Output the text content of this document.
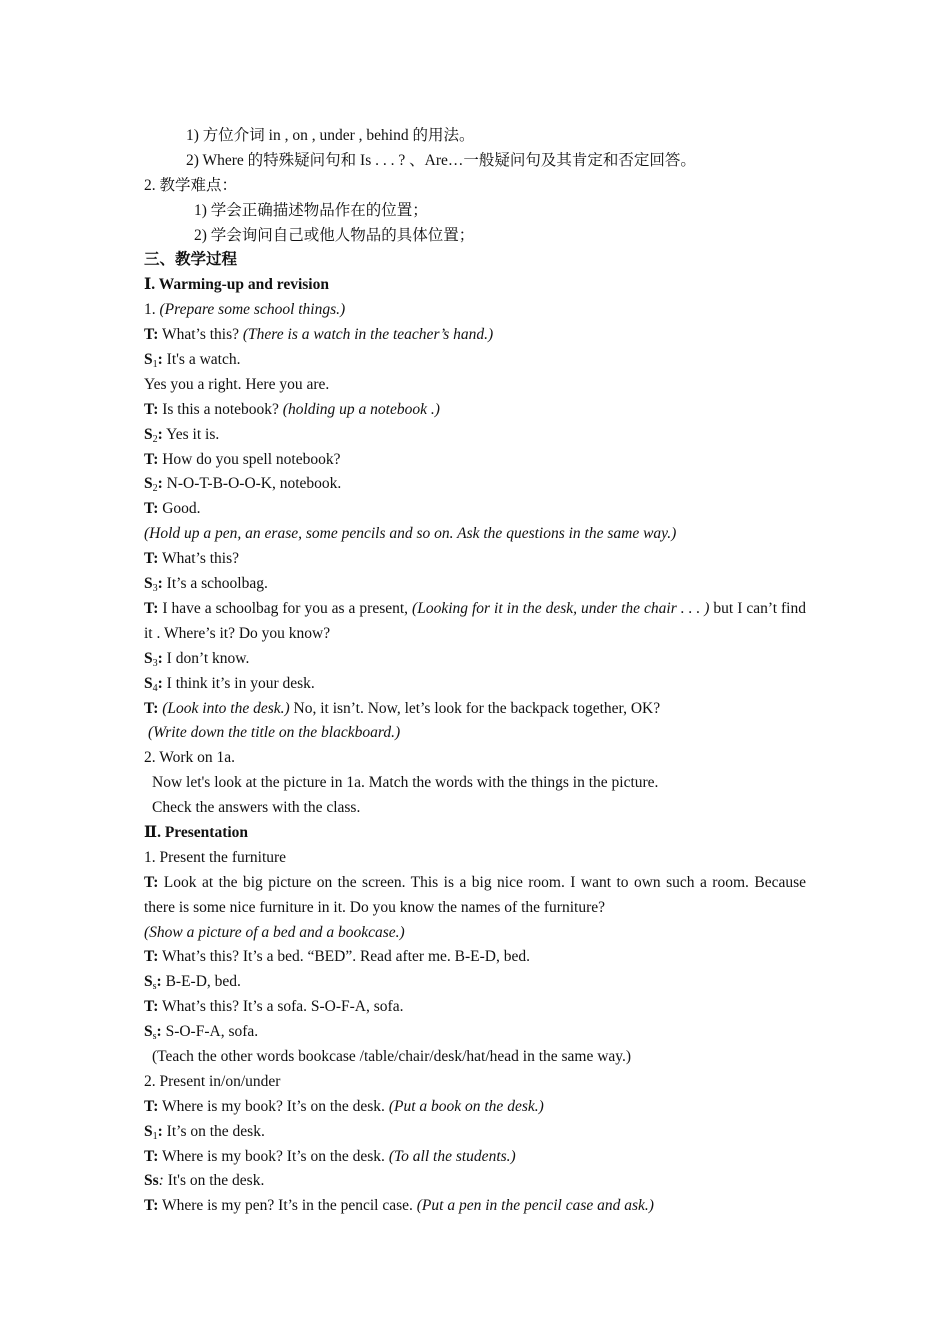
1) 方位介词 in , on , under , behind 的用法。
2) Where 的特殊疑问句和 Is . . . ? 、Are…一般疑问句及其肯定和否定回答。
2. 教学难点：
1) 学会正确描述物品作在的位置；
2) 学会询问自己或他人物品的具体位置；
三、教学过程
Ⅰ. Warming-up and revision
1. (Prepare some school things.)
T: What’s this? (There is a watch in the teacher’s hand.)
$S_1$: It's a watch.
Yes you a right. Here you are.
T: Is this a notebook? (holding up a notebook .)
$S_2$: Yes it is.
T: How do you spell notebook?
$S_2$: N-O-T-B-O-O-K, notebook.
T: Good.
(Hold up a pen, an erase, some pencils and so on. Ask the questions in the same way.)
T: What’s this?
$S_3$: It’s a schoolbag.
T: I have a schoolbag for you as a present, (Looking for it in the desk, under the chair . . . ) but I can’t find it . Where’s it? Do you know?
$S_3$: I don’t know.
$S_4$: I think it’s in your desk.
T: (Look into the desk.) No, it isn’t. Now, let’s look for the backpack together, OK?
(Write down the title on the blackboard.)
2. Work on 1a.
Now let's look at the picture in 1a. Match the words with the things in the picture.
Check the answers with the class.
Ⅱ. Presentation
1. Present the furniture
T: Look at the big picture on the screen. This is a big nice room. I want to own such a room. Because there is some nice furniture in it. Do you know the names of the furniture?
(Show a picture of a bed and a bookcase.)
T: What’s this? It’s a bed. “BED”. Read after me. B-E-D, bed.
$S_s$: B-E-D, bed.
T: What’s this? It’s a sofa. S-O-F-A, sofa.
$S_s$: S-O-F-A, sofa.
(Teach the other words bookcase /table/chair/desk/hat/head in the same way.)
2. Present in/on/under
T: Where is my book? It’s on the desk. (Put a book on the desk.)
$S_1$: It’s on the desk.
T: Where is my book? It’s on the desk. (To all the students.)
Ss: It's on the desk.
T: Where is my pen? It’s in the pencil case. (Put a pen in the pencil case and ask.)
